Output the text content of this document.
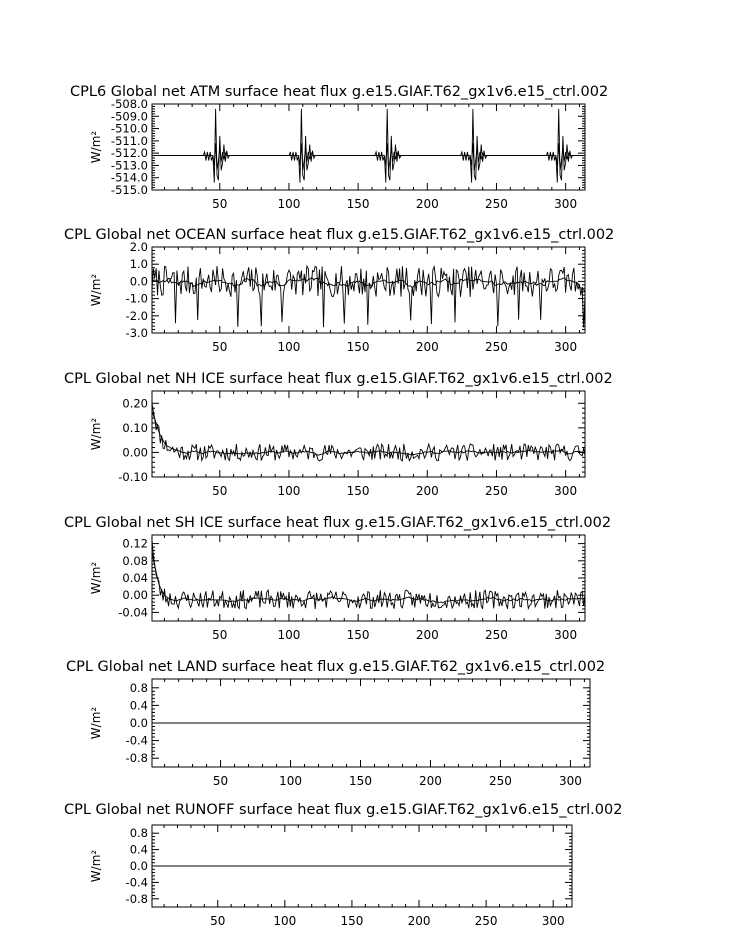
CPL6 Global net ATM surface heat flux g.e15.GIAF.T62_gx1v6.e15_ctrl.002
W/m²
-508.0
-509.0
-510.0
-511.0
-512.0
-513.0
-514.0
-515.0
50	100	150	200	250	300
CPL Global net OCEAN surface heat flux g.e15.GIAF.T62_gx1v6.e15_ctrl.002
W/m²
2.0
1.0
0.0
-1.0
-2.0
-3.0
50	100	150	200	250	300
CPL Global net NH ICE surface heat flux g.e15.GIAF.T62_gx1v6.e15_ctrl.002
W/m²
0.20
0.10
0.00
-0.10
50	100	150	200	250	300
CPL Global net SH ICE surface heat flux g.e15.GIAF.T62_gx1v6.e15_ctrl.002
W/m²
0.12
0.08
0.04
0.00
-0.04
50	100	150	200	250	300
CPL Global net LAND surface heat flux g.e15.GIAF.T62_gx1v6.e15_ctrl.002
W/m²
0.8
0.4
0.0
-0.4
-0.8
50	100	150	200	250	300
CPL Global net RUNOFF surface heat flux g.e15.GIAF.T62_gx1v6.e15_ctrl.002
W/m²
0.8
0.4
0.0
-0.4
-0.8
50	100	150	200	250	300
